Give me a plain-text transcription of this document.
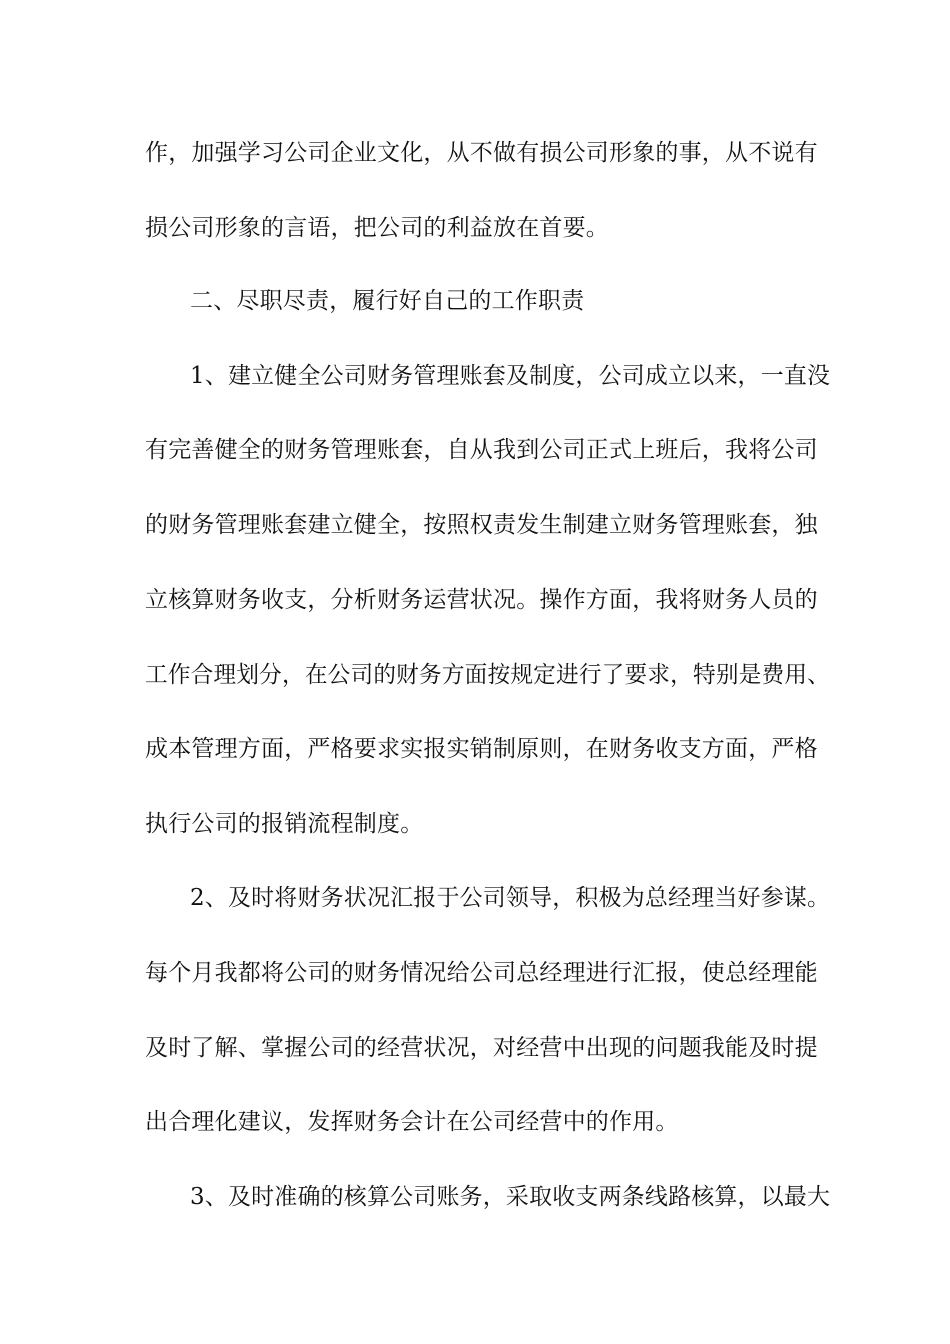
作，加强学习公司企业文化，从不做有损公司形象的事，从不说有

损公司形象的言语，把公司的利益放在首要。

二、尽职尽责，履行好自己的工作职责

1、建立健全公司财务管理账套及制度，公司成立以来，一直没

有完善健全的财务管理账套，自从我到公司正式上班后，我将公司

的财务管理账套建立健全，按照权责发生制建立财务管理账套，独

立核算财务收支，分析财务运营状况。操作方面，我将财务人员的

工作合理划分，在公司的财务方面按规定进行了要求，特别是费用、

成本管理方面，严格要求实报实销制原则，在财务收支方面，严格

执行公司的报销流程制度。

2、及时将财务状况汇报于公司领导，积极为总经理当好参谋。

每个月我都将公司的财务情况给公司总经理进行汇报，使总经理能

及时了解、掌握公司的经营状况，对经营中出现的问题我能及时提

出合理化建议，发挥财务会计在公司经营中的作用。

3、及时准确的核算公司账务，采取收支两条线路核算，以最大
